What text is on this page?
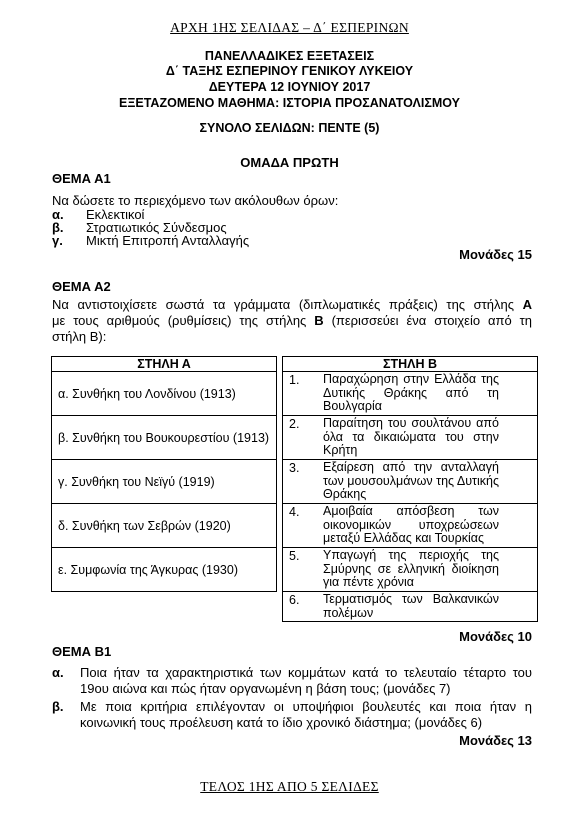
ΑΡΧΗ 1ΗΣ ΣΕΛΙΔΑΣ – Δ΄ ΕΣΠΕΡΙΝΩΝ
ΠΑΝΕΛΛΑΔΙΚΕΣ ΕΞΕΤΑΣΕΙΣ
Δ΄ ΤΑΞΗΣ ΕΣΠΕΡΙΝΟΥ ΓΕΝΙΚΟΥ ΛΥΚΕΙΟΥ
ΔΕΥΤΕΡΑ 12 ΙΟΥΝΙΟΥ 2017
ΕΞΕΤΑΖΟΜΕΝΟ ΜΑΘΗΜΑ: ΙΣΤΟΡΙΑ ΠΡΟΣΑΝΑΤΟΛΙΣΜΟΥ
ΣΥΝΟΛΟ ΣΕΛΙΔΩΝ: ΠΕΝΤΕ (5)
ΟΜΑΔΑ ΠΡΩΤΗ
ΘΕΜΑ Α1
Να δώσετε το περιεχόμενο των ακόλουθων όρων:
α. Εκλεκτικοί
β. Στρατιωτικός Σύνδεσμος
γ. Μικτή Επιτροπή Ανταλλαγής
Μονάδες 15
ΘΕΜΑ Α2
Να αντιστοιχίσετε σωστά τα γράμματα (διπλωματικές πράξεις) της στήλης Α
με τους αριθμούς (ρυθμίσεις) της στήλης Β (περισσεύει ένα στοιχείο από τη
στήλη Β):
ΣΤΗΛΗ Α		ΣΤΗΛΗ Β
α. Συνθήκη του Λονδίνου (1913)		1. Παραχώρηση στην Ελλάδα της Δυτικής Θράκης από τη Βουλγαρία
β. Συνθήκη του Βουκουρεστίου (1913)		2. Παραίτηση του σουλτάνου από όλα τα δικαιώματα του στην Κρήτη
γ. Συνθήκη του Νεϊγύ (1919)		3. Εξαίρεση από την ανταλλαγή των μουσουλμάνων της Δυτικής Θράκης
δ. Συνθήκη των Σεβρών (1920)		4. Αμοιβαία απόσβεση των οικονομικών υποχρεώσεων μεταξύ Ελλάδας και Τουρκίας
ε. Συμφωνία της Άγκυρας (1930)		5. Υπαγωγή της περιοχής της Σμύρνης σε ελληνική διοίκηση για πέντε χρόνια
		6. Τερματισμός των Βαλκανικών πολέμων
Μονάδες 10
ΘΕΜΑ Β1
α. Ποια ήταν τα χαρακτηριστικά των κομμάτων κατά το τελευταίο τέταρτο του 19ου αιώνα και πώς ήταν οργανωμένη η βάση τους; (μονάδες 7)
β. Με ποια κριτήρια επιλέγονταν οι υποψήφιοι βουλευτές και ποια ήταν η κοινωνική τους προέλευση κατά το ίδιο χρονικό διάστημα; (μονάδες 6)
Μονάδες 13
ΤΕΛΟΣ 1ΗΣ ΑΠΟ 5 ΣΕΛΙΔΕΣ
